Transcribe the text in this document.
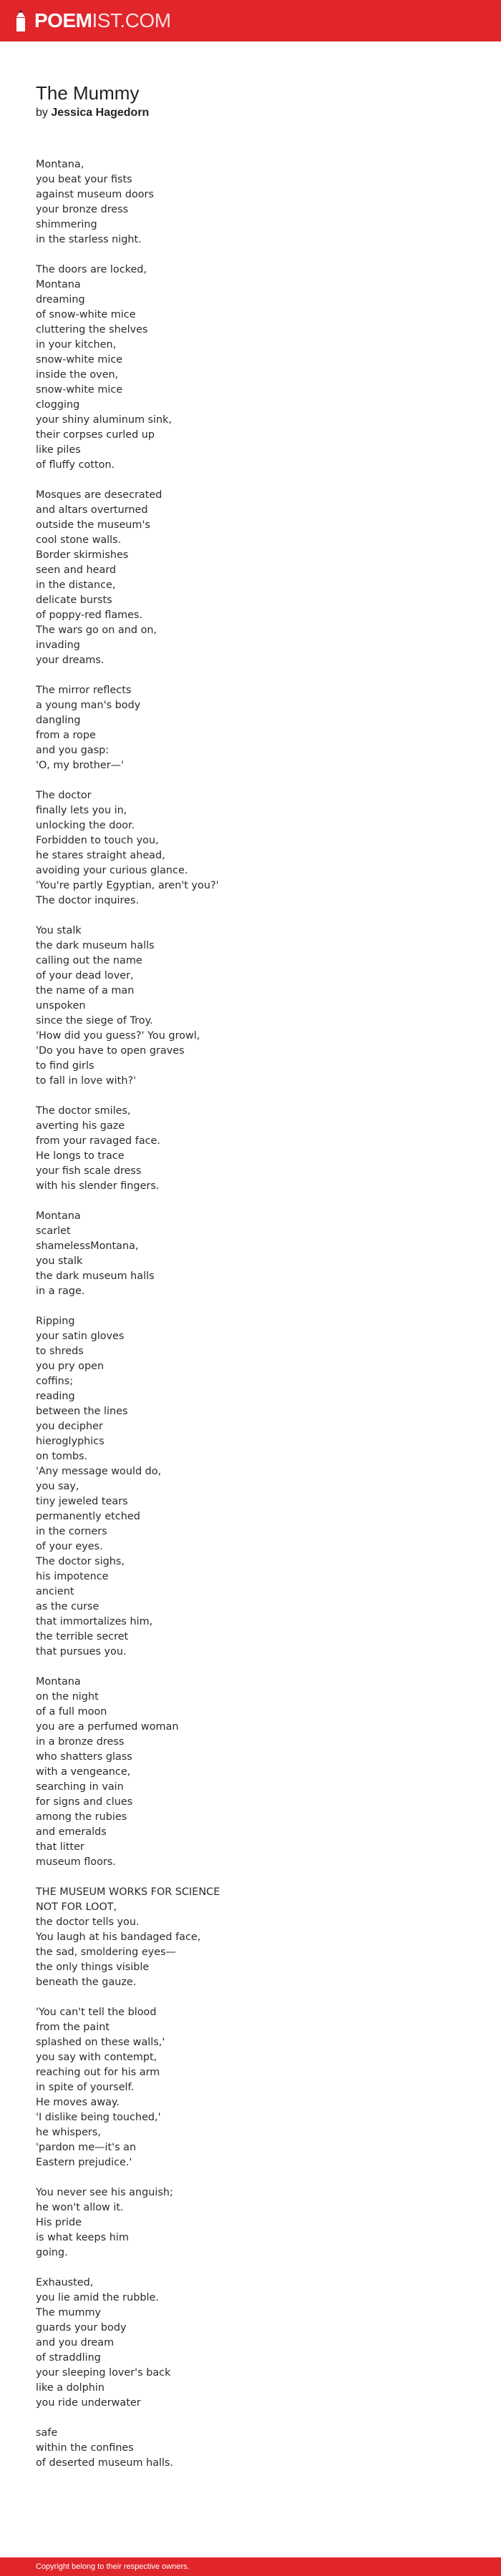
POEMIST.COM
The Mummy
by Jessica Hagedorn
Montana,
you beat your fists
against museum doors
your bronze dress
shimmering
in the starless night.
The doors are locked,
Montana
dreaming
of snow-white mice
cluttering the shelves
in your kitchen,
snow-white mice
inside the oven,
snow-white mice
clogging
your shiny aluminum sink,
their corpses curled up
like piles
of fluffy cotton.
Mosques are desecrated
and altars overturned
outside the museum's
cool stone walls.
Border skirmishes
seen and heard
in the distance,
delicate bursts
of poppy-red flames.
The wars go on and on,
invading
your dreams.
The mirror reflects
a young man's body
dangling
from a rope
and you gasp:
'O, my brother—'
The doctor
finally lets you in,
unlocking the door.
Forbidden to touch you,
he stares straight ahead,
avoiding your curious glance.
'You're partly Egyptian, aren't you?'
The doctor inquires.
You stalk
the dark museum halls
calling out the name
of your dead lover,
the name of a man
unspoken
since the siege of Troy.
'How did you guess?' You growl,
'Do you have to open graves
to find girls
to fall in love with?'
The doctor smiles,
averting his gaze
from your ravaged face.
He longs to trace
your fish scale dress
with his slender fingers.
Montana
scarlet
shamelessMontana,
you stalk
the dark museum halls
in a rage.
Ripping
your satin gloves
to shreds
you pry open
coffins;
reading
between the lines
you decipher
hieroglyphics
on tombs.
'Any message would do,
you say,
tiny jeweled tears
permanently etched
in the corners
of your eyes.
The doctor sighs,
his impotence
ancient
as the curse
that immortalizes him,
the terrible secret
that pursues you.
Montana
on the night
of a full moon
you are a perfumed woman
in a bronze dress
who shatters glass
with a vengeance,
searching in vain
for signs and clues
among the rubies
and emeralds
that litter
museum floors.
THE MUSEUM WORKS FOR SCIENCE
NOT FOR LOOT,
the doctor tells you.
You laugh at his bandaged face,
the sad, smoldering eyes—
the only things visible
beneath the gauze.
'You can't tell the blood
from the paint
splashed on these walls,'
you say with contempt,
reaching out for his arm
in spite of yourself.
He moves away.
'I dislike being touched,'
he whispers,
'pardon me—it's an
Eastern prejudice.'
You never see his anguish;
he won't allow it.
His pride
is what keeps him
going.
Exhausted,
you lie amid the rubble.
The mummy
guards your body
and you dream
of straddling
your sleeping lover's back
like a dolphin
you ride underwater
safe
within the confines
of deserted museum halls.
Copyright belong to their respective owners.
